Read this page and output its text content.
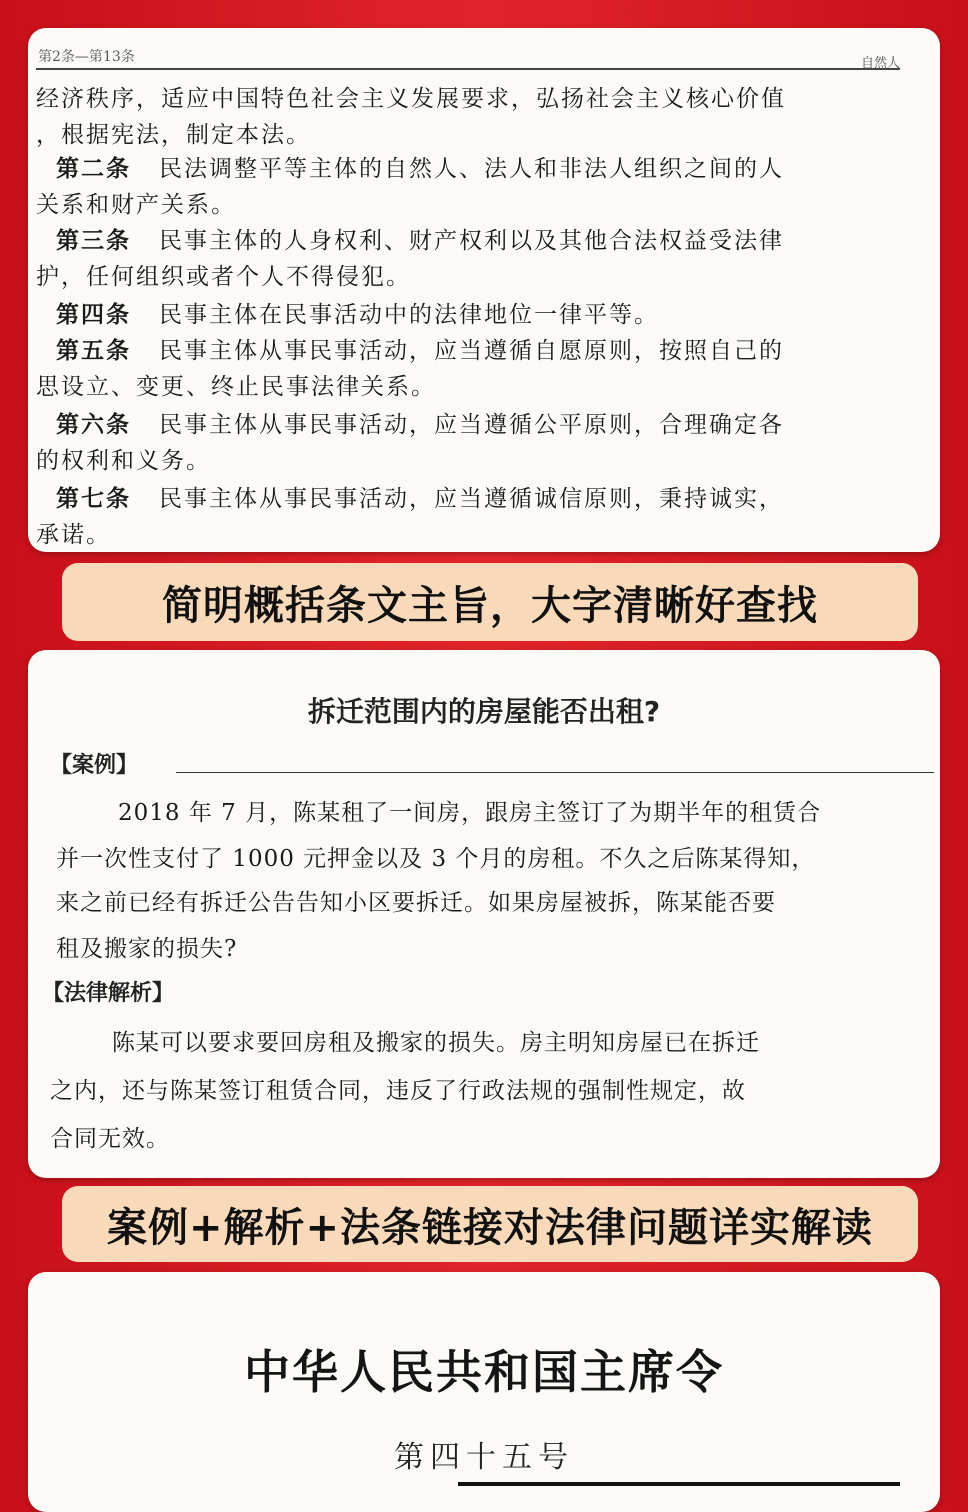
第2条—第13条	自然人
经济秩序，适应中国特色社会主义发展要求，弘扬社会主义核心价值
，根据宪法，制定本法。
第二条 民法调整平等主体的自然人、法人和非法人组织之间的人
关系和财产关系。
第三条 民事主体的人身权利、财产权利以及其他合法权益受法律
护，任何组织或者个人不得侵犯。
第四条 民事主体在民事活动中的法律地位一律平等。
第五条 民事主体从事民事活动，应当遵循自愿原则，按照自己的
思设立、变更、终止民事法律关系。
第六条 民事主体从事民事活动，应当遵循公平原则，合理确定各
的权利和义务。
第七条 民事主体从事民事活动，应当遵循诚信原则，秉持诚实，
承诺。
简明概括条文主旨，大字清晰好查找
拆迁范围内的房屋能否出租?
【案例】
2018 年 7 月，陈某租了一间房，跟房主签订了为期半年的租赁合
并一次性支付了 1000 元押金以及 3 个月的房租。不久之后陈某得知，
来之前已经有拆迁公告告知小区要拆迁。如果房屋被拆，陈某能否要
租及搬家的损失?
【法律解析】
陈某可以要求要回房租及搬家的损失。房主明知房屋已在拆迁
之内，还与陈某签订租赁合同，违反了行政法规的强制性规定，故
合同无效。
案例+解析+法条链接对法律问题详实解读
中华人民共和国主席令
第四十五号
